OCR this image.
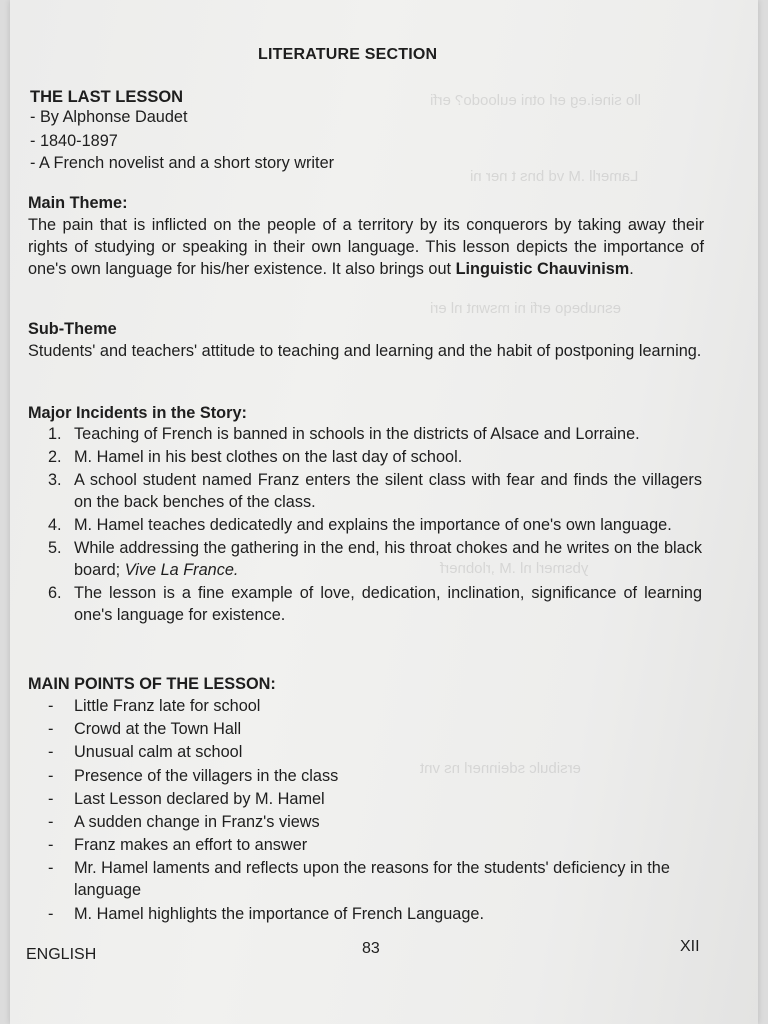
llo sinei.eg erl otni euloodo? erfi
Lamerll .M vd bns t ner ni
esnubeqo erfi ni mswnt nl eri
ybsmerl nl .M ,rlobnerf
ersibulc sdeinnerl ns vnt
LITERATURE SECTION
THE LAST LESSON
- By Alphonse Daudet
- 1840-1897
- A French novelist and a short story writer
Main Theme:
The pain that is inflicted on the people of a territory by its conquerors by taking away their rights of studying or speaking in their own language. This lesson depicts the importance of one's own language for his/her existence. It also brings out Linguistic Chauvinism.
Sub-Theme
Students' and teachers' attitude to teaching and learning and the habit of postponing learning.
Major Incidents in the Story:
1. Teaching of French is banned in schools in the districts of Alsace and Lorraine.
2. M. Hamel in his best clothes on the last day of school.
3. A school student named Franz enters the silent class with fear and finds the villagers on the back benches of the class.
4. M. Hamel teaches dedicatedly and explains the importance of one's own language.
5. While addressing the gathering in the end, his throat chokes and he writes on the black board; Vive La France.
6. The lesson is a fine example of love, dedication, inclination, significance of learning one's language for existence.
MAIN POINTS OF THE LESSON:
- Little Franz late for school
- Crowd at the Town Hall
- Unusual calm at school
- Presence of the villagers in the class
- Last Lesson declared by M. Hamel
- A sudden change in Franz's views
- Franz makes an effort to answer
- Mr. Hamel laments and reflects upon the reasons for the students' deficiency in the language
- M. Hamel highlights the importance of French Language.
ENGLISH	83	XII
